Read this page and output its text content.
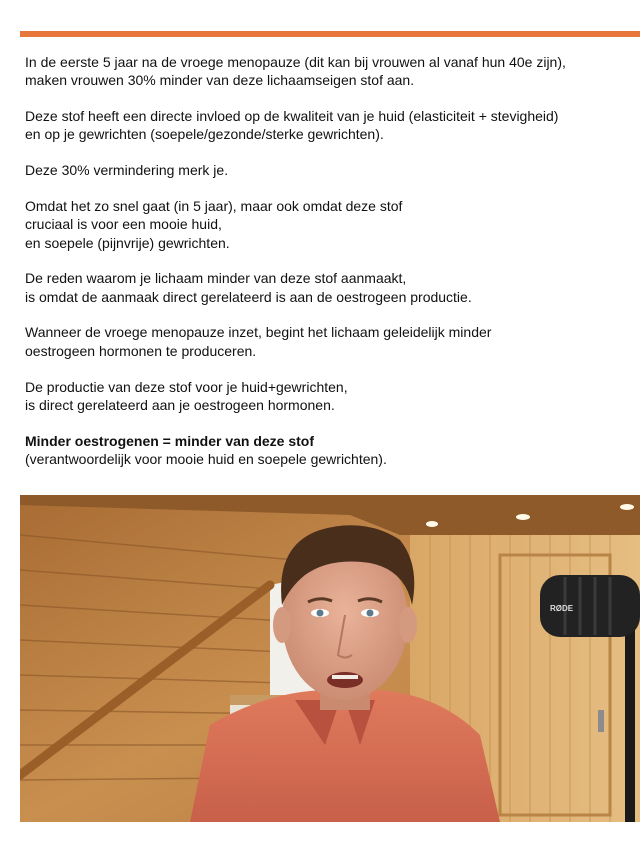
In de eerste 5 jaar na de vroege menopauze (dit kan bij vrouwen al vanaf hun 40e zijn),
maken vrouwen 30% minder van deze lichaamseigen stof aan.

Deze stof heeft een directe invloed op de kwaliteit van je huid (elasticiteit + stevigheid)
en op je gewrichten (soepele/gezonde/sterke gewrichten).

Deze 30% vermindering merk je.

Omdat het zo snel gaat (in 5 jaar), maar ook omdat deze stof
cruciaal is voor een mooie huid,
en soepele (pijnvrije) gewrichten.

De reden waarom je lichaam minder van deze stof aanmaakt,
is omdat de aanmaak direct gerelateerd is aan de oestrogeen productie.

Wanneer de vroege menopauze inzet, begint het lichaam geleidelijk minder
oestrogeen hormonen te produceren.

De productie van deze stof voor je huid+gewrichten,
is direct gerelateerd aan je oestrogeen hormonen.

Minder oestrogenen = minder van deze stof
(verantwoordelijk voor mooie huid en soepele gewrichten).

RØDE
